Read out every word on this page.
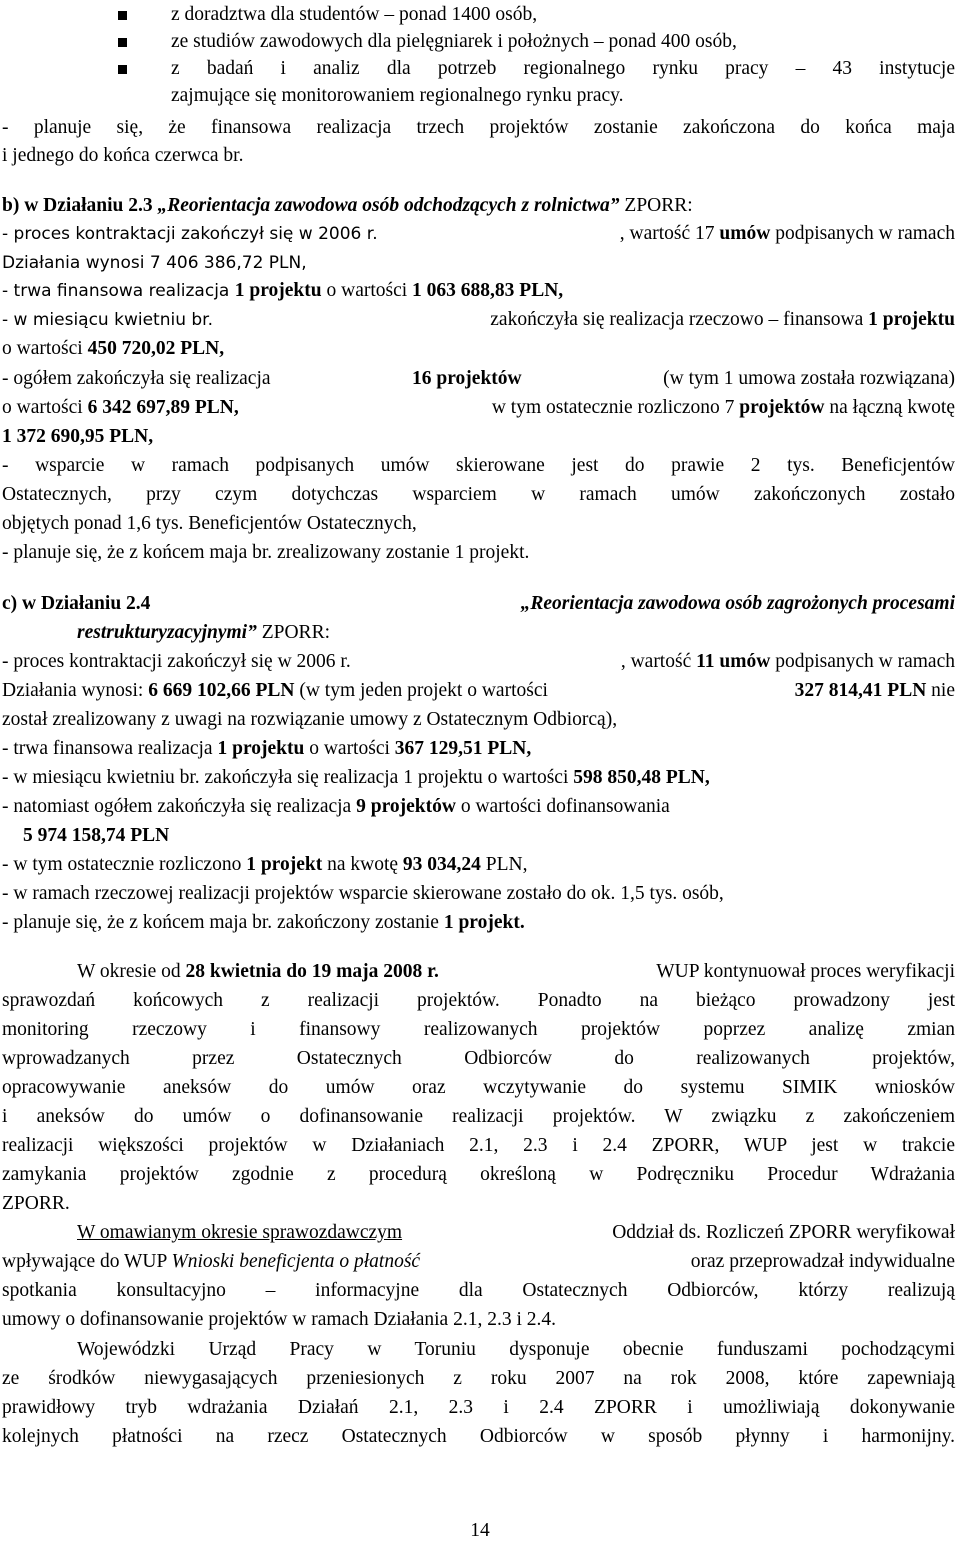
z doradztwa dla studentów – ponad 1400 osób,
ze studiów zawodowych dla pielęgniarek i położnych – ponad 400 osób,
z badań i analiz dla potrzeb regionalnego rynku pracy – 43 instytucje
zajmujące się monitorowaniem regionalnego rynku pracy.
- planuje się, że finansowa realizacja trzech projektów zostanie zakończona do końca maja
i jednego do końca czerwca br.
b) w Działaniu 2.3 „Reorientacja zawodowa osób odchodzących z rolnictwa” ZPORR:
- proces kontraktacji zakończył się w 2006 r.	, wartość 17 umów podpisanych w ramach
Działania wynosi 7 406 386,72 PLN,
- trwa finansowa realizacja 1 projektu o wartości 1 063 688,83 PLN,
- w miesiącu kwietniu br.	zakończyła się realizacja rzeczowo – finansowa 1 projektu
o wartości 450 720,02 PLN,
- ogółem zakończyła się realizacja	16 projektów	(w tym 1 umowa została rozwiązana)
o wartości 6 342 697,89 PLN,	w tym ostatecznie rozliczono 7 projektów na łączną kwotę
1 372 690,95 PLN,
- wsparcie w ramach podpisanych umów skierowane jest do prawie 2 tys. Beneficjentów
Ostatecznych, przy czym dotychczas wsparciem w ramach umów zakończonych zostało
objętych ponad 1,6 tys. Beneficjentów Ostatecznych,
- planuje się, że z końcem maja br. zrealizowany zostanie 1 projekt.
c) w Działaniu 2.4	„Reorientacja zawodowa osób zagrożonych procesami
restrukturyzacyjnymi” ZPORR:
- proces kontraktacji zakończył się w 2006 r.	, wartość 11 umów podpisanych w ramach
Działania wynosi: 6 669 102,66 PLN (w tym jeden projekt o wartości	327 814,41 PLN nie
został zrealizowany z uwagi na rozwiązanie umowy z Ostatecznym Odbiorcą),
- trwa finansowa realizacja 1 projektu o wartości 367 129,51 PLN,
- w miesiącu kwietniu br. zakończyła się realizacja 1 projektu o wartości 598 850,48 PLN,
- natomiast ogółem zakończyła się realizacja 9 projektów o wartości dofinansowania
5 974 158,74 PLN
- w tym ostatecznie rozliczono 1 projekt na kwotę 93 034,24 PLN,
- w ramach rzeczowej realizacji projektów wsparcie skierowane zostało do ok. 1,5 tys. osób,
- planuje się, że z końcem maja br. zakończony zostanie 1 projekt.
W okresie od 28 kwietnia do 19 maja 2008 r.	WUP kontynuował proces weryfikacji
sprawozdań końcowych z realizacji projektów. Ponadto na bieżąco prowadzony jest
monitoring rzeczowy i finansowy realizowanych projektów poprzez analizę zmian
wprowadzanych przez Ostatecznych Odbiorców do realizowanych projektów,
opracowywanie aneksów do umów oraz wczytywanie do systemu SIMIK wniosków
i aneksów do umów o dofinansowanie realizacji projektów. W związku z zakończeniem
realizacji większości projektów w Działaniach 2.1, 2.3 i 2.4 ZPORR, WUP jest w trakcie
zamykania projektów zgodnie z procedurą określoną w Podręczniku Procedur Wdrażania
ZPORR.
W omawianym okresie sprawozdawczym	Oddział ds. Rozliczeń ZPORR weryfikował
wpływające do WUP Wnioski beneficjenta o płatność	oraz przeprowadzał indywidualne
spotkania konsultacyjno – informacyjne dla Ostatecznych Odbiorców, którzy realizują
umowy o dofinansowanie projektów w ramach Działania 2.1, 2.3 i 2.4.
Wojewódzki Urząd Pracy w Toruniu dysponuje obecnie funduszami pochodzącymi
ze środków niewygasających przeniesionych z roku 2007 na rok 2008, które zapewniają
prawidłowy tryb wdrażania Działań 2.1, 2.3 i 2.4 ZPORR i umożliwiają dokonywanie
kolejnych płatności na rzecz Ostatecznych Odbiorców w sposób płynny i harmonijny.
14
